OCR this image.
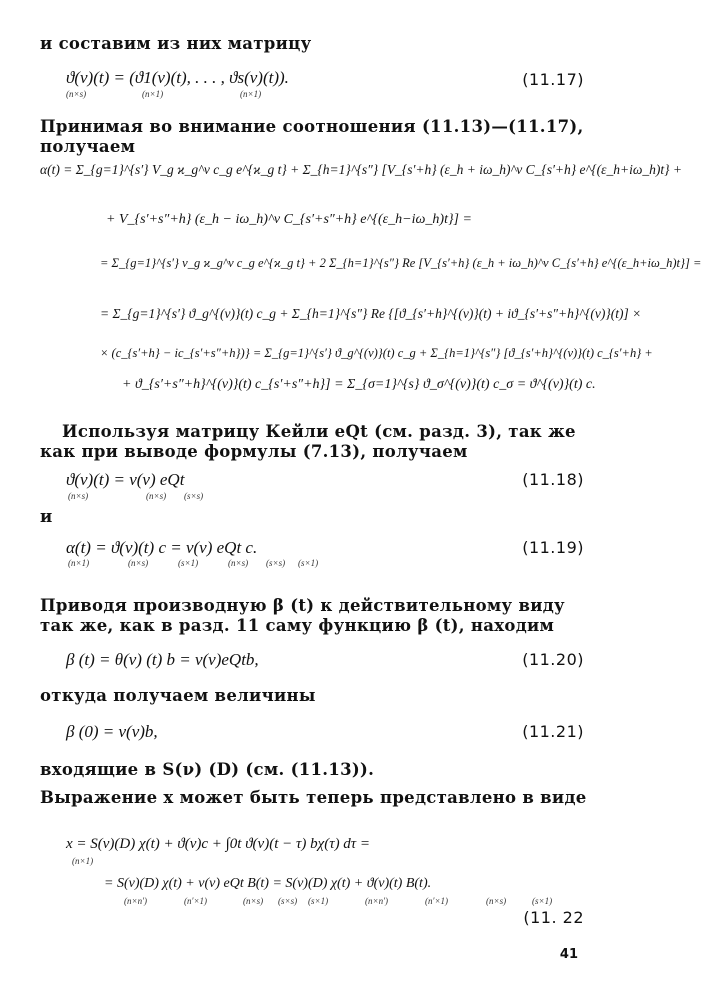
и составим из них матрицу
ϑ(ν)(t) = (ϑ1(ν)(t), . . . , ϑs(ν)(t)).
(n×s)	(n×1)	(n×1)
(11.17)
Принимая во внимание соотношения (11.13)—(11.17), получаем
α(t) = Σ_{g=1}^{s′} V_g ϰ_g^ν c_g e^{ϰ_g t} + Σ_{h=1}^{s″} [V_{s′+h} (ε_h + iω_h)^ν C_{s′+h} e^{(ε_h+iω_h)t} +
+ V_{s′+s″+h} (ε_h − iω_h)^ν C_{s′+s″+h} e^{(ε_h−iω_h)t}] =
= Σ_{g=1}^{s′} v_g ϰ_g^ν c_g e^{ϰ_g t} + 2 Σ_{h=1}^{s″} Re [V_{s′+h} (ε_h + iω_h)^ν C_{s′+h} e^{(ε_h+iω_h)t}] =
= Σ_{g=1}^{s′} ϑ_g^{(ν)}(t) c_g + Σ_{h=1}^{s″} Re {[ϑ_{s′+h}^{(ν)}(t) + iϑ_{s′+s″+h}^{(ν)}(t)] ×
× (c_{s′+h} − ic_{s′+s″+h})} = Σ_{g=1}^{s′} ϑ_g^{(ν)}(t) c_g + Σ_{h=1}^{s″} [ϑ_{s′+h}^{(ν)}(t) c_{s′+h} +
+ ϑ_{s′+s″+h}^{(ν)}(t) c_{s′+s″+h}] = Σ_{σ=1}^{s} ϑ_σ^{(ν)}(t) c_σ = ϑ^{(ν)}(t) c.
Используя матрицу Кейли eQt (см. разд. 3), так же как при выводе формулы (7.13), получаем
ϑ(ν)(t) = v(ν) eQt
(n×s)	(n×s) (s×s)
(11.18)
и
α(t) = ϑ(ν)(t) c = v(ν) eQt c.
(n×1)	(n×s)	(s×1)	(n×s) (s×s) (s×1)
(11.19)
Приводя производную β (t) к действительному виду так же, как в разд. 11 саму функцию β (t), находим
β (t) = θ(ν) (t) b = v(ν)eQtb,	(11.20)
откуда получаем величины
β (0) = v(ν)b,	(11.21)
входящие в S(ν) (D) (см. (11.13)).
Выражение x может быть теперь представлено в виде
x = S(ν)(D) χ(t) + ϑ(ν)c + ∫0t ϑ(ν)(t − τ) bχ(τ) dτ =
(n×1)
= S(ν)(D) χ(t) + v(ν) eQt B(t) = S(ν)(D) χ(t) + ϑ(ν)(t) B(t).
(n×n′)	(n′×1)	(n×s) (s×s) (s×1)	(n×n′)	(n′×1)	(n×s)	(s×1)
(11. 22
41
